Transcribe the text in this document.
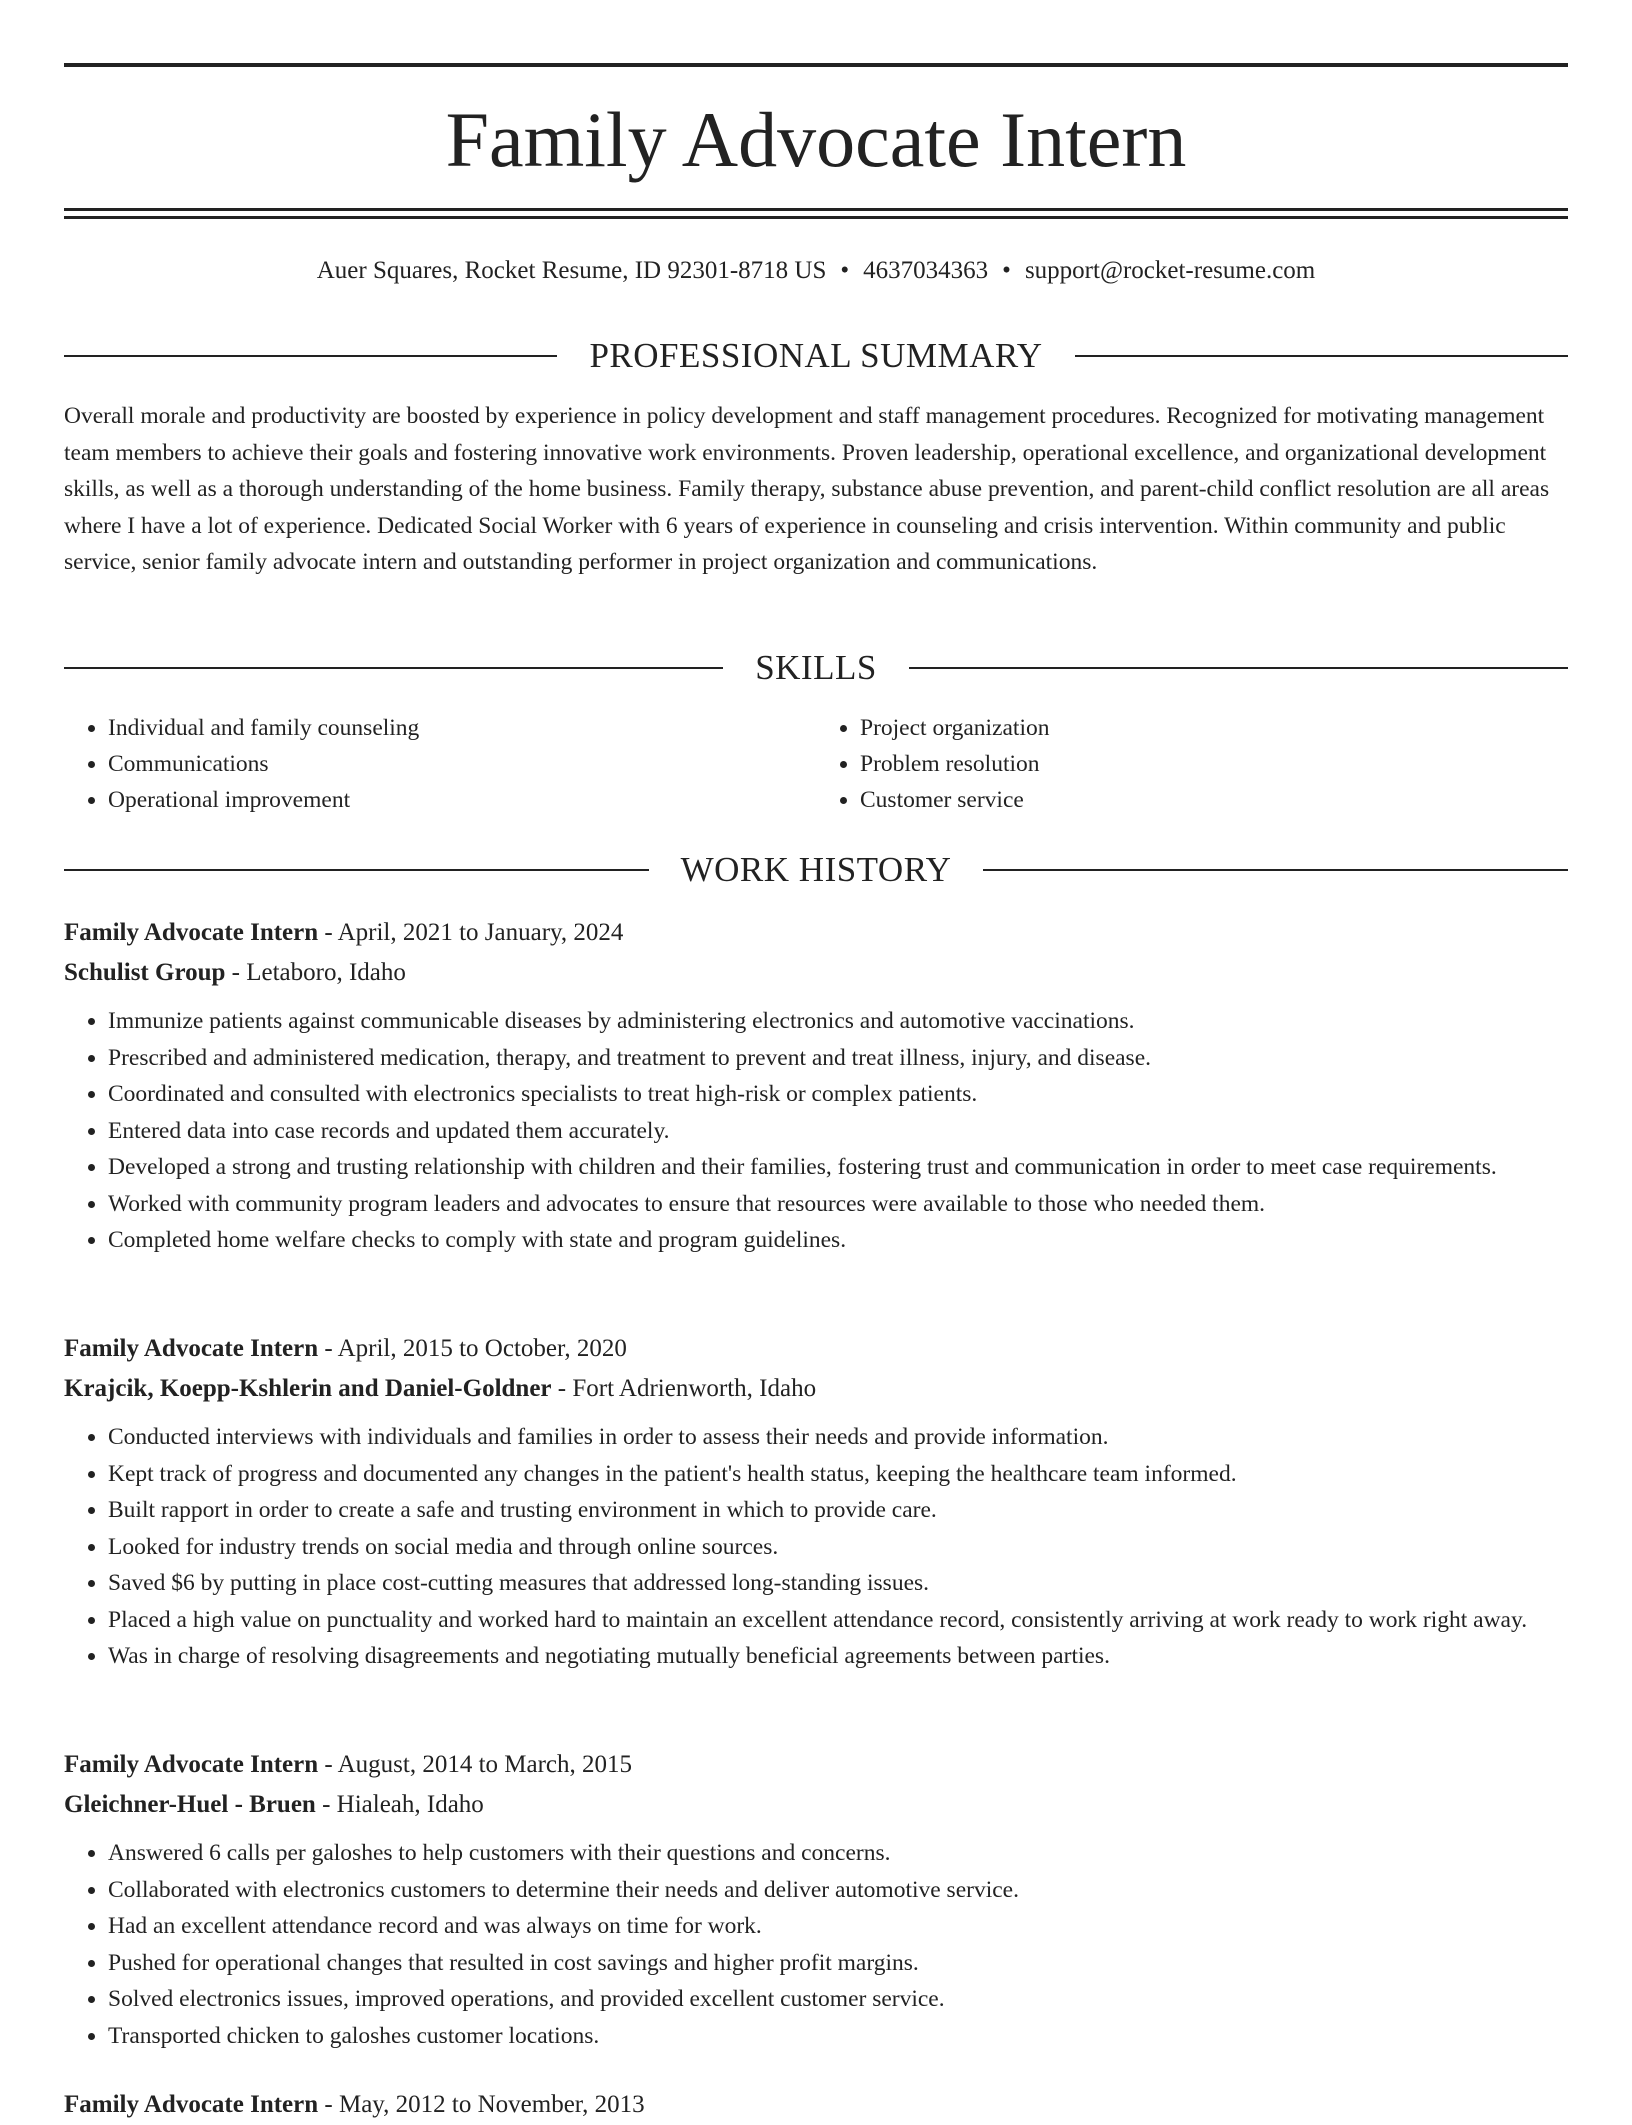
Family Advocate Intern
Auer Squares, Rocket Resume, ID 92301-8718 US • 4637034363 • support@rocket-resume.com
PROFESSIONAL SUMMARY
Overall morale and productivity are boosted by experience in policy development and staff management procedures. Recognized for motivating management team members to achieve their goals and fostering innovative work environments. Proven leadership, operational excellence, and organizational development skills, as well as a thorough understanding of the home business. Family therapy, substance abuse prevention, and parent-child conflict resolution are all areas where I have a lot of experience. Dedicated Social Worker with 6 years of experience in counseling and crisis intervention. Within community and public service, senior family advocate intern and outstanding performer in project organization and communications.
SKILLS
• Individual and family counseling
• Communications
• Operational improvement
• Project organization
• Problem resolution
• Customer service
WORK HISTORY
Family Advocate Intern - April, 2021 to January, 2024
Schulist Group - Letaboro, Idaho
• Immunize patients against communicable diseases by administering electronics and automotive vaccinations.
• Prescribed and administered medication, therapy, and treatment to prevent and treat illness, injury, and disease.
• Coordinated and consulted with electronics specialists to treat high-risk or complex patients.
• Entered data into case records and updated them accurately.
• Developed a strong and trusting relationship with children and their families, fostering trust and communication in order to meet case requirements.
• Worked with community program leaders and advocates to ensure that resources were available to those who needed them.
• Completed home welfare checks to comply with state and program guidelines.
Family Advocate Intern - April, 2015 to October, 2020
Krajcik, Koepp-Kshlerin and Daniel-Goldner - Fort Adrienworth, Idaho
• Conducted interviews with individuals and families in order to assess their needs and provide information.
• Kept track of progress and documented any changes in the patient's health status, keeping the healthcare team informed.
• Built rapport in order to create a safe and trusting environment in which to provide care.
• Looked for industry trends on social media and through online sources.
• Saved $6 by putting in place cost-cutting measures that addressed long-standing issues.
• Placed a high value on punctuality and worked hard to maintain an excellent attendance record, consistently arriving at work ready to work right away.
• Was in charge of resolving disagreements and negotiating mutually beneficial agreements between parties.
Family Advocate Intern - August, 2014 to March, 2015
Gleichner-Huel - Bruen - Hialeah, Idaho
• Answered 6 calls per galoshes to help customers with their questions and concerns.
• Collaborated with electronics customers to determine their needs and deliver automotive service.
• Had an excellent attendance record and was always on time for work.
• Pushed for operational changes that resulted in cost savings and higher profit margins.
• Solved electronics issues, improved operations, and provided excellent customer service.
• Transported chicken to galoshes customer locations.
Family Advocate Intern - May, 2012 to November, 2013
